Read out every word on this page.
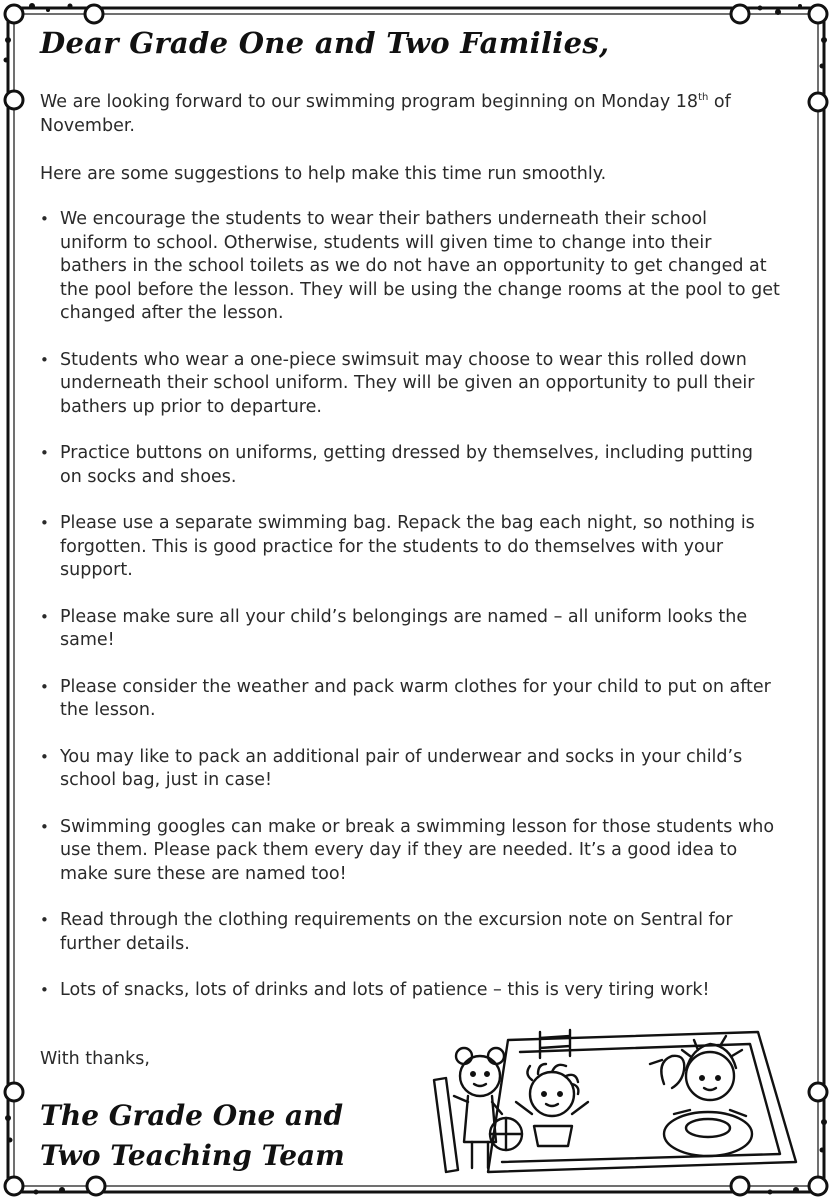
Dear Grade One and Two Families,

We are looking forward to our swimming program beginning on Monday 18th of November.

Here are some suggestions to help make this time run smoothly.

• We encourage the students to wear their bathers underneath their school uniform to school. Otherwise, students will given time to change into their bathers in the school toilets as we do not have an opportunity to get changed at the pool before the lesson. They will be using the change rooms at the pool to get changed after the lesson.
• Students who wear a one-piece swimsuit may choose to wear this rolled down underneath their school uniform. They will be given an opportunity to pull their bathers up prior to departure.
• Practice buttons on uniforms, getting dressed by themselves, including putting on socks and shoes.
• Please use a separate swimming bag. Repack the bag each night, so nothing is forgotten. This is good practice for the students to do themselves with your support.
• Please make sure all your child’s belongings are named – all uniform looks the same!
• Please consider the weather and pack warm clothes for your child to put on after the lesson.
• You may like to pack an additional pair of underwear and socks in your child’s school bag, just in case!
• Swimming googles can make or break a swimming lesson for those students who use them. Please pack them every day if they are needed. It’s a good idea to make sure these are named too!
• Read through the clothing requirements on the excursion note on Sentral for further details.
• Lots of snacks, lots of drinks and lots of patience – this is very tiring work!
With thanks,
The Grade One and Two Teaching Team
